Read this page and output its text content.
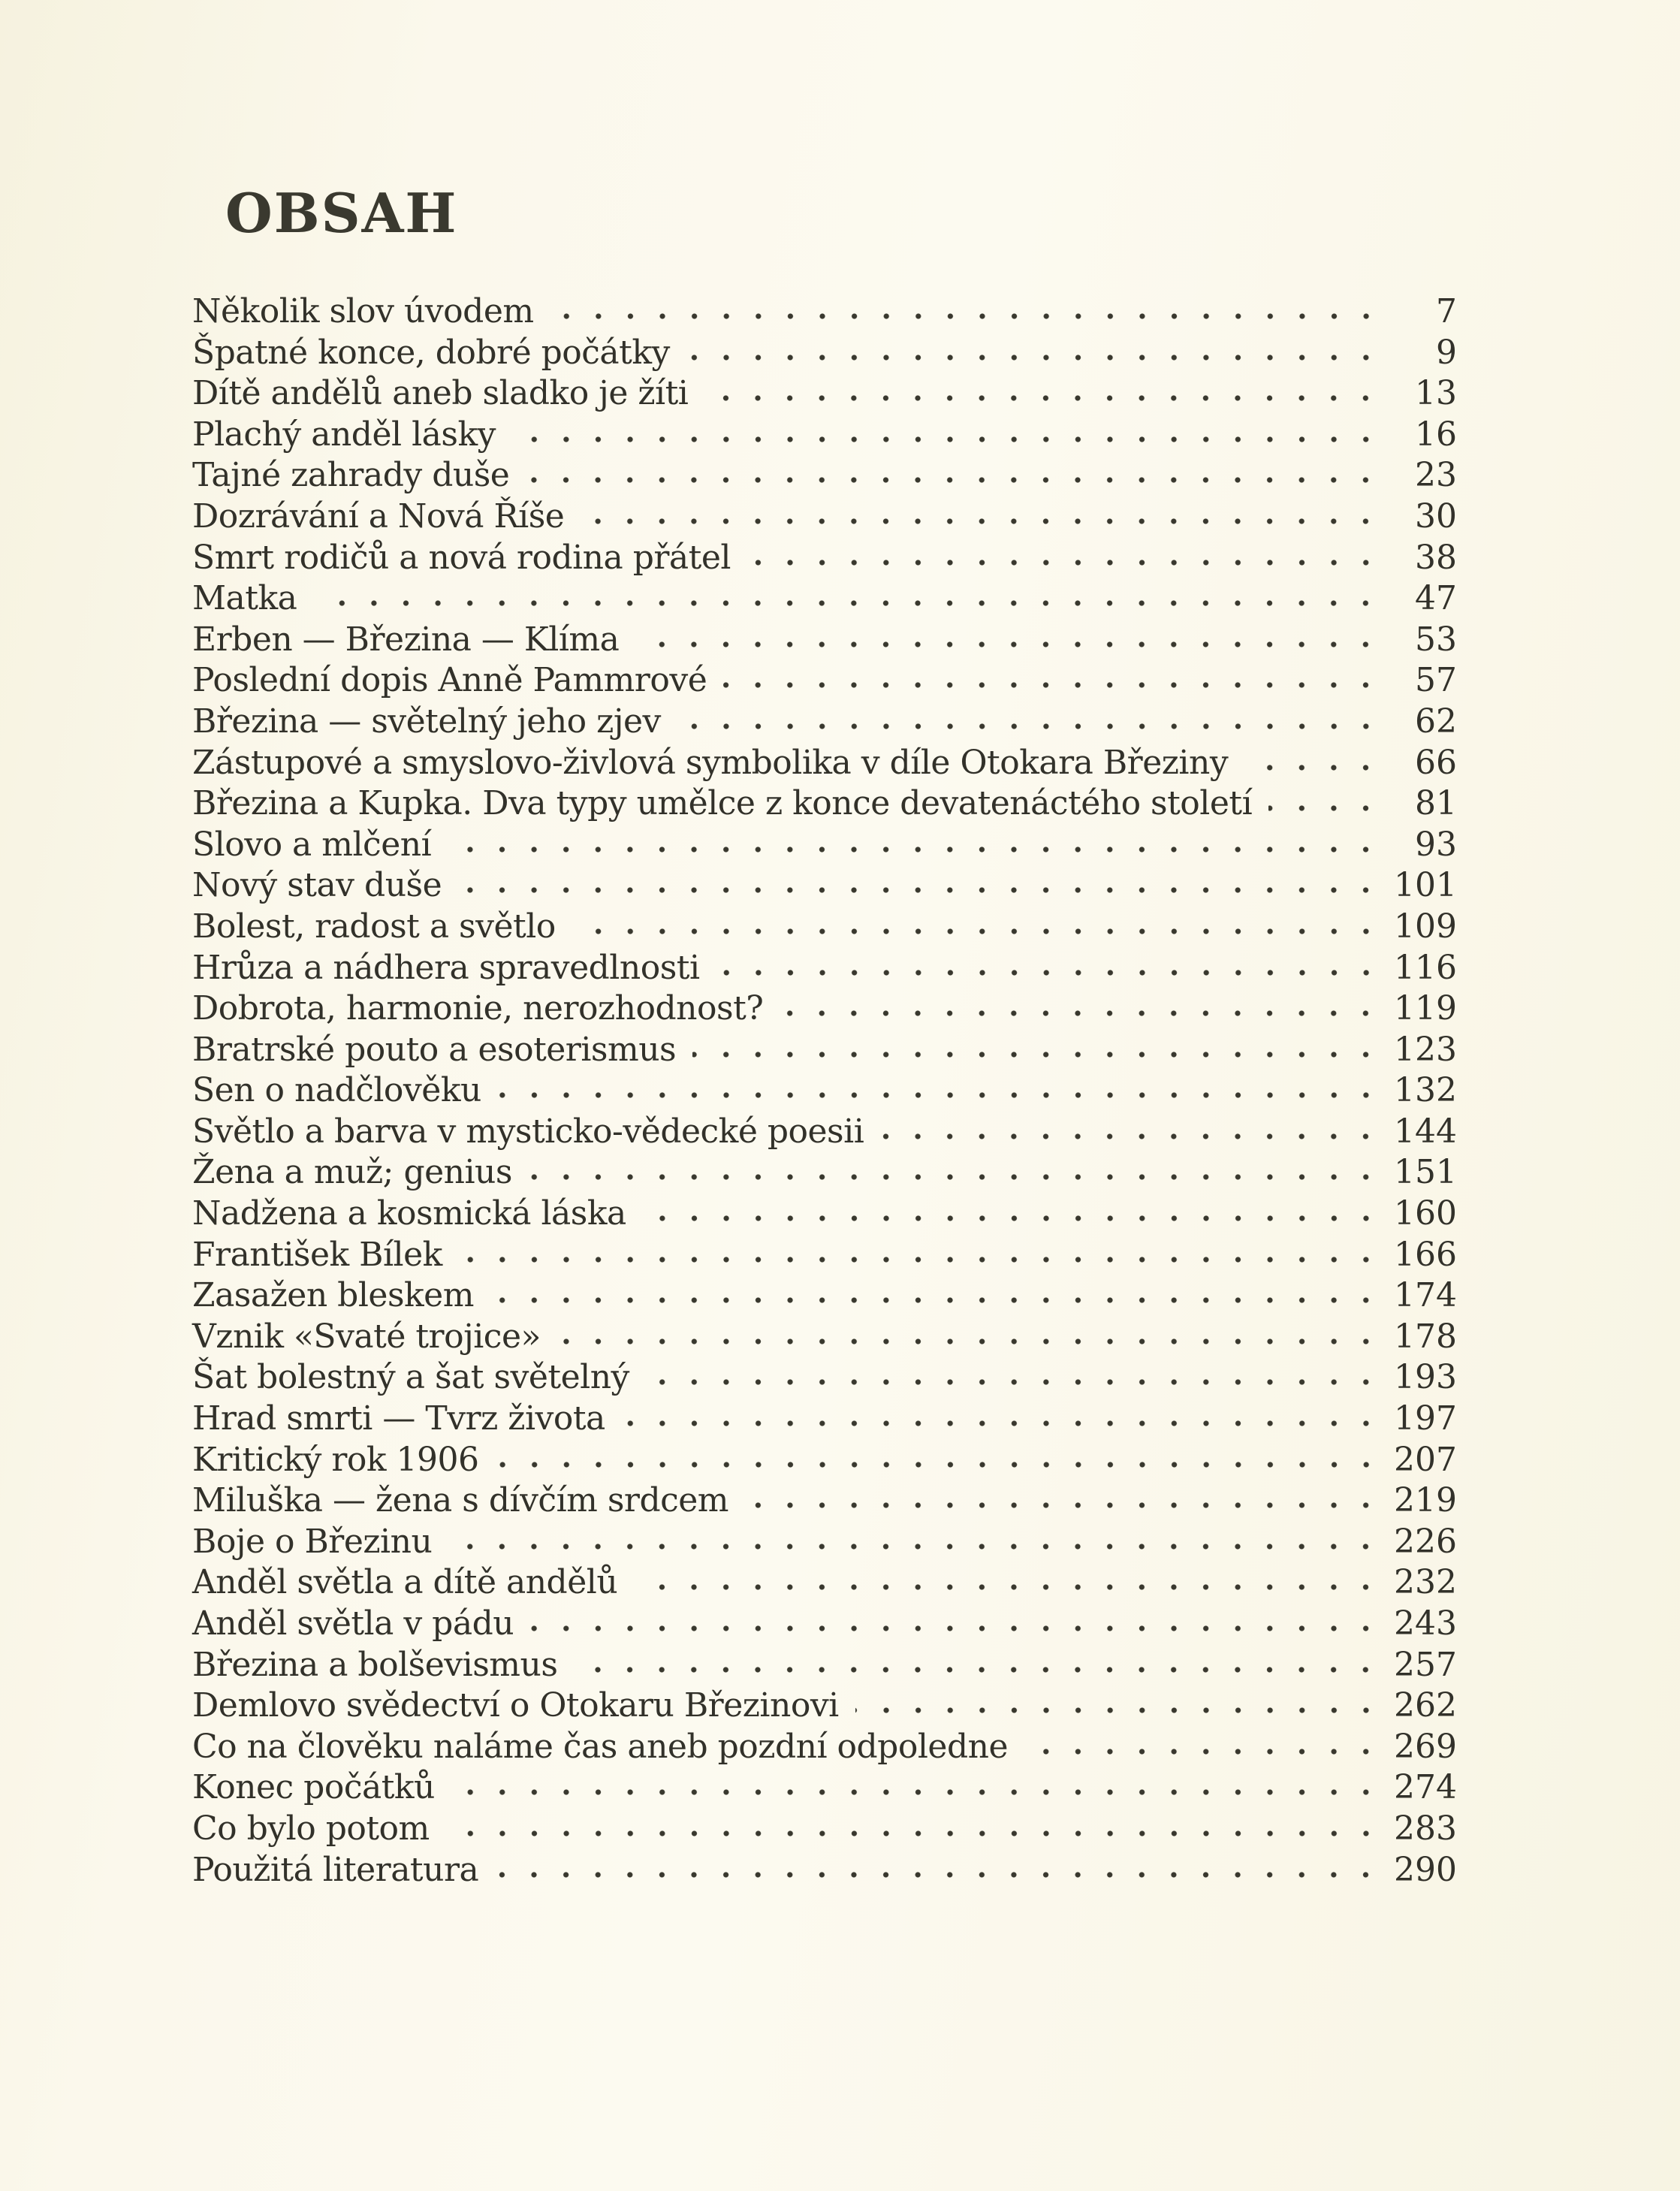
OBSAH
Několik slov úvodem	7
Špatné konce, dobré počátky	9
Dítě andělů aneb sladko je žíti	13
Plachý anděl lásky	16
Tajné zahrady duše	23
Dozrávání a Nová Říše	30
Smrt rodičů a nová rodina přátel	38
Matka	47
Erben — Březina — Klíma	53
Poslední dopis Anně Pammrové	57
Březina — světelný jeho zjev	62
Zástupové a smyslovo-živlová symbolika v díle Otokara Březiny	66
Březina a Kupka. Dva typy umělce z konce devatenáctého století	81
Slovo a mlčení	93
Nový stav duše	101
Bolest, radost a světlo	109
Hrůza a nádhera spravedlnosti	116
Dobrota, harmonie, nerozhodnost?	119
Bratrské pouto a esoterismus	123
Sen o nadčlověku	132
Světlo a barva v mysticko-vědecké poesii	144
Žena a muž; genius	151
Nadžena a kosmická láska	160
František Bílek	166
Zasažen bleskem	174
Vznik «Svaté trojice»	178
Šat bolestný a šat světelný	193
Hrad smrti — Tvrz života	197
Kritický rok 1906	207
Miluška — žena s dívčím srdcem	219
Boje o Březinu	226
Anděl světla a dítě andělů	232
Anděl světla v pádu	243
Březina a bolševismus	257
Demlovo svědectví o Otokaru Březinovi	262
Co na člověku naláme čas aneb pozdní odpoledne	269
Konec počátků	274
Co bylo potom	283
Použitá literatura	290
